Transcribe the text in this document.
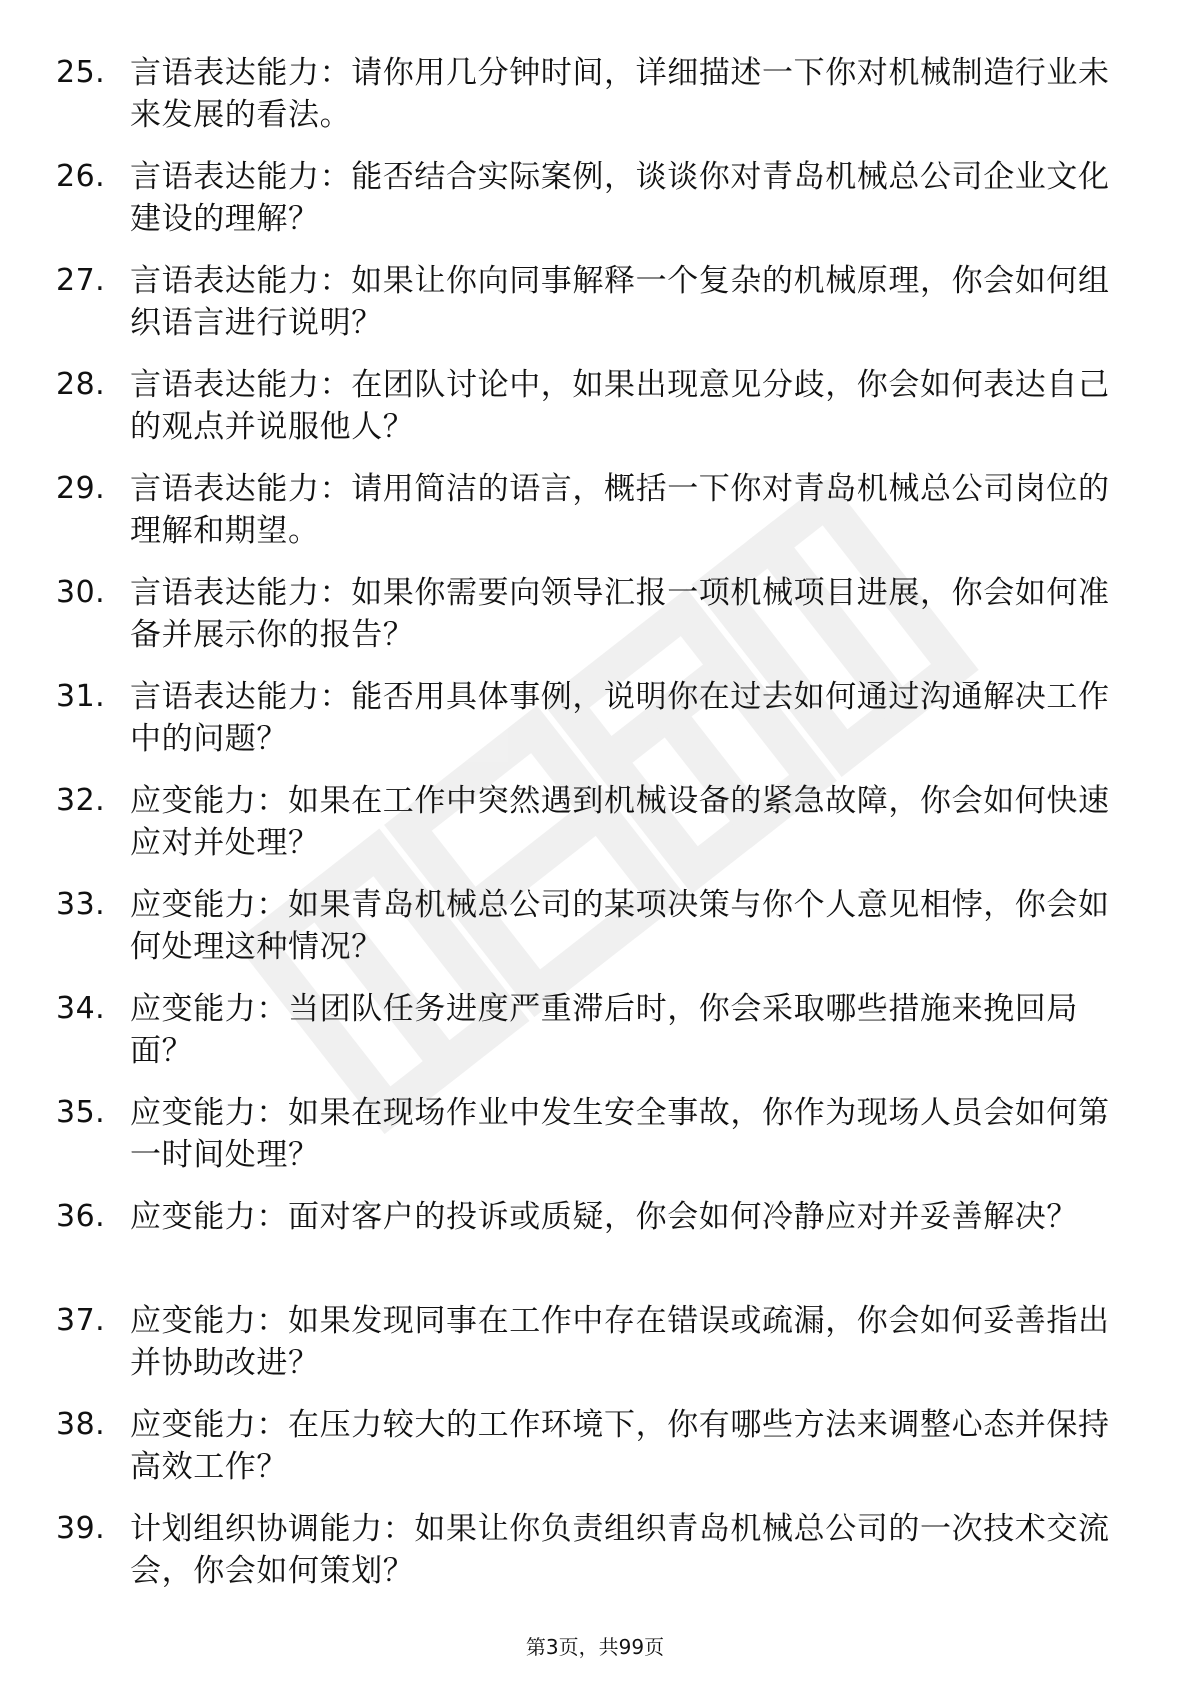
25. 言语表达能力：请你用几分钟时间，详细描述一下你对机械制造行业未来发展的看法。
26. 言语表达能力：能否结合实际案例，谈谈你对青岛机械总公司企业文化建设的理解？
27. 言语表达能力：如果让你向同事解释一个复杂的机械原理，你会如何组织语言进行说明？
28. 言语表达能力：在团队讨论中，如果出现意见分歧，你会如何表达自己的观点并说服他人？
29. 言语表达能力：请用简洁的语言，概括一下你对青岛机械总公司岗位的理解和期望。
30. 言语表达能力：如果你需要向领导汇报一项机械项目进展，你会如何准备并展示你的报告？
31. 言语表达能力：能否用具体事例，说明你在过去如何通过沟通解决工作中的问题？
32. 应变能力：如果在工作中突然遇到机械设备的紧急故障，你会如何快速应对并处理？
33. 应变能力：如果青岛机械总公司的某项决策与你个人意见相悖，你会如何处理这种情况？
34. 应变能力：当团队任务进度严重滞后时，你会采取哪些措施来挽回局面？
35. 应变能力：如果在现场作业中发生安全事故，你作为现场人员会如何第一时间处理？
36. 应变能力：面对客户的投诉或质疑，你会如何冷静应对并妥善解决？
37. 应变能力：如果发现同事在工作中存在错误或疏漏，你会如何妥善指出并协助改进？
38. 应变能力：在压力较大的工作环境下，你有哪些方法来调整心态并保持高效工作？
39. 计划组织协调能力：如果让你负责组织青岛机械总公司的一次技术交流会，你会如何策划？
第3页，共99页
